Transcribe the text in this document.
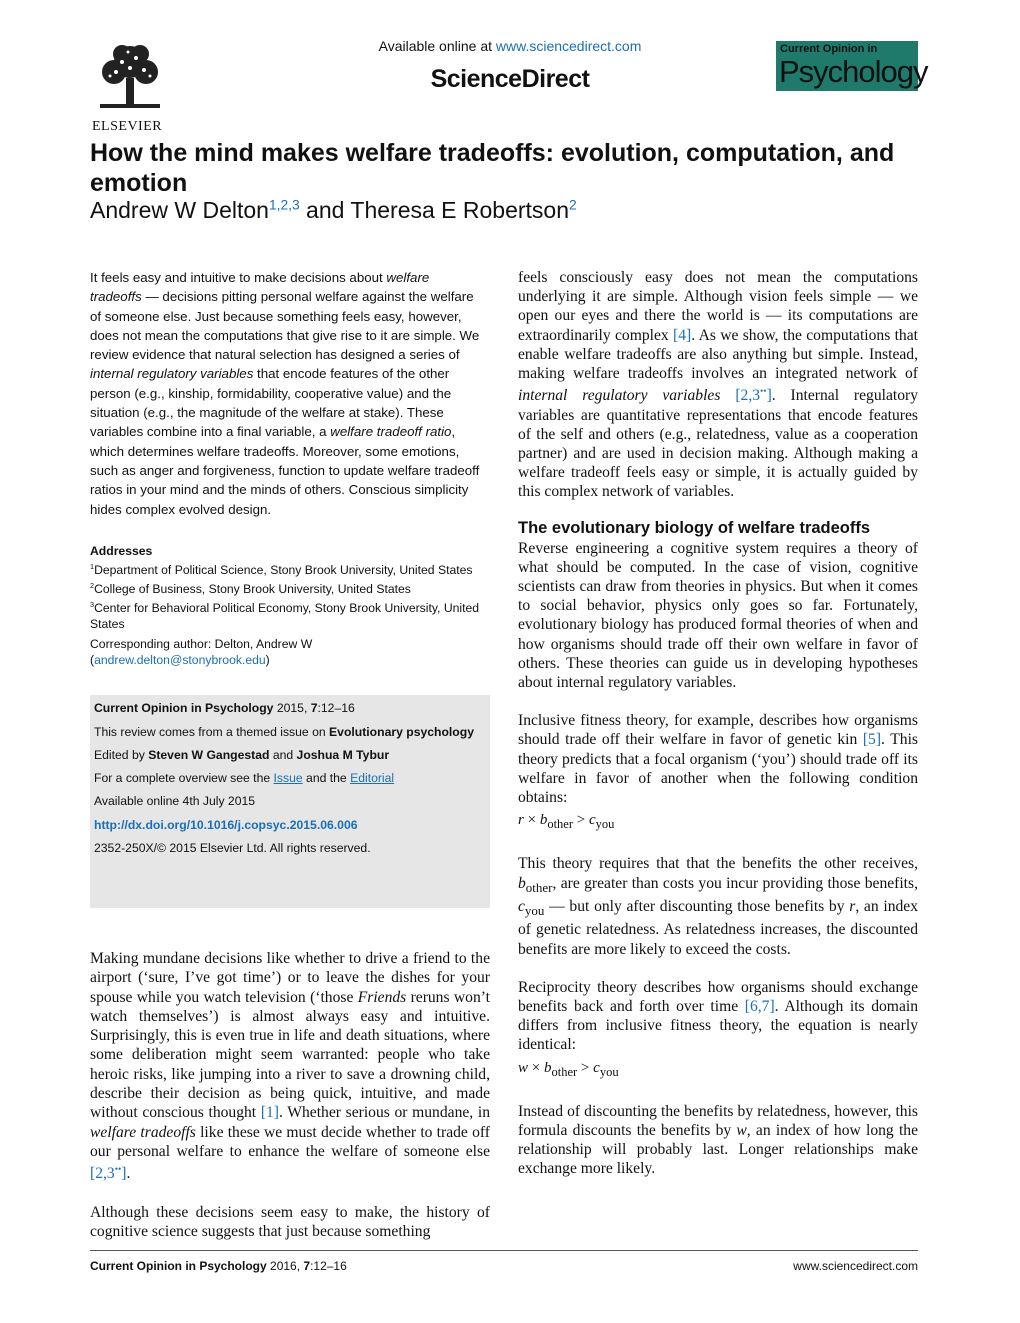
ELSEVIER
Available online at www.sciencedirect.com
ScienceDirect
Current Opinion in
Psychology
How the mind makes welfare tradeoffs: evolution, computation, and emotion
Andrew W Delton$^{1,2,3}$ and Theresa E Robertson$^2$
It feels easy and intuitive to make decisions about welfare tradeoffs — decisions pitting personal welfare against the welfare of someone else. Just because something feels easy, however, does not mean the computations that give rise to it are simple. We review evidence that natural selection has designed a series of internal regulatory variables that encode features of the other person (e.g., kinship, formidability, cooperative value) and the situation (e.g., the magnitude of the welfare at stake). These variables combine into a final variable, a welfare tradeoff ratio, which determines welfare tradeoffs. Moreover, some emotions, such as anger and forgiveness, function to update welfare tradeoff ratios in your mind and the minds of others. Conscious simplicity hides complex evolved design.
Addresses
$^1$Department of Political Science, Stony Brook University, United States
$^2$College of Business, Stony Brook University, United States
$^3$Center for Behavioral Political Economy, Stony Brook University, United States
Corresponding author: Delton, Andrew W
(andrew.delton@stonybrook.edu)
Current Opinion in Psychology 2015, 7:12–16
This review comes from a themed issue on Evolutionary psychology
Edited by Steven W Gangestad and Joshua M Tybur
For a complete overview see the Issue and the Editorial
Available online 4th July 2015
http://dx.doi.org/10.1016/j.copsyc.2015.06.006
2352-250X/© 2015 Elsevier Ltd. All rights reserved.

Making mundane decisions like whether to drive a friend to the airport (‘sure, I’ve got time’) or to leave the dishes for your spouse while you watch television (‘those Friends reruns won’t watch themselves’) is almost always easy and intuitive. Surprisingly, this is even true in life and death situations, where some deliberation might seem warranted: people who take heroic risks, like jumping into a river to save a drowning child, describe their decision as being quick, intuitive, and made without conscious thought [1]. Whether serious or mundane, in welfare tradeoffs like these we must decide whether to trade off our personal welfare to enhance the welfare of someone else [2,3••].

Although these decisions seem easy to make, the history of cognitive science suggests that just because something

feels consciously easy does not mean the computations underlying it are simple. Although vision feels simple — we open our eyes and there the world is — its computations are extraordinarily complex [4]. As we show, the computations that enable welfare tradeoffs are also anything but simple. Instead, making welfare tradeoffs involves an integrated network of internal regulatory variables [2,3••]. Internal regulatory variables are quantitative representations that encode features of the self and others (e.g., relatedness, value as a cooperation partner) and are used in decision making. Although making a welfare tradeoff feels easy or simple, it is actually guided by this complex network of variables.

The evolutionary biology of welfare tradeoffs

Reverse engineering a cognitive system requires a theory of what should be computed. In the case of vision, cognitive scientists can draw from theories in physics. But when it comes to social behavior, physics only goes so far. Fortunately, evolutionary biology has produced formal theories of when and how organisms should trade off their own welfare in favor of others. These theories can guide us in developing hypotheses about internal regulatory variables.

Inclusive fitness theory, for example, describes how organisms should trade off their welfare in favor of genetic kin [5]. This theory predicts that a focal organism (‘you’) should trade off its welfare in favor of another when the following condition obtains:

$r \times b_{other} > c_{you}$

This theory requires that that the benefits the other receives, $b_{other}$, are greater than costs you incur providing those benefits, $c_{you}$ — but only after discounting those benefits by r, an index of genetic relatedness. As relatedness increases, the discounted benefits are more likely to exceed the costs.

Reciprocity theory describes how organisms should exchange benefits back and forth over time [6,7]. Although its domain differs from inclusive fitness theory, the equation is nearly identical:

$w \times b_{other} > c_{you}$

Instead of discounting the benefits by relatedness, however, this formula discounts the benefits by w, an index of how long the relationship will probably last. Longer relationships make exchange more likely.

Current Opinion in Psychology 2016, 7:12–16	www.sciencedirect.com
